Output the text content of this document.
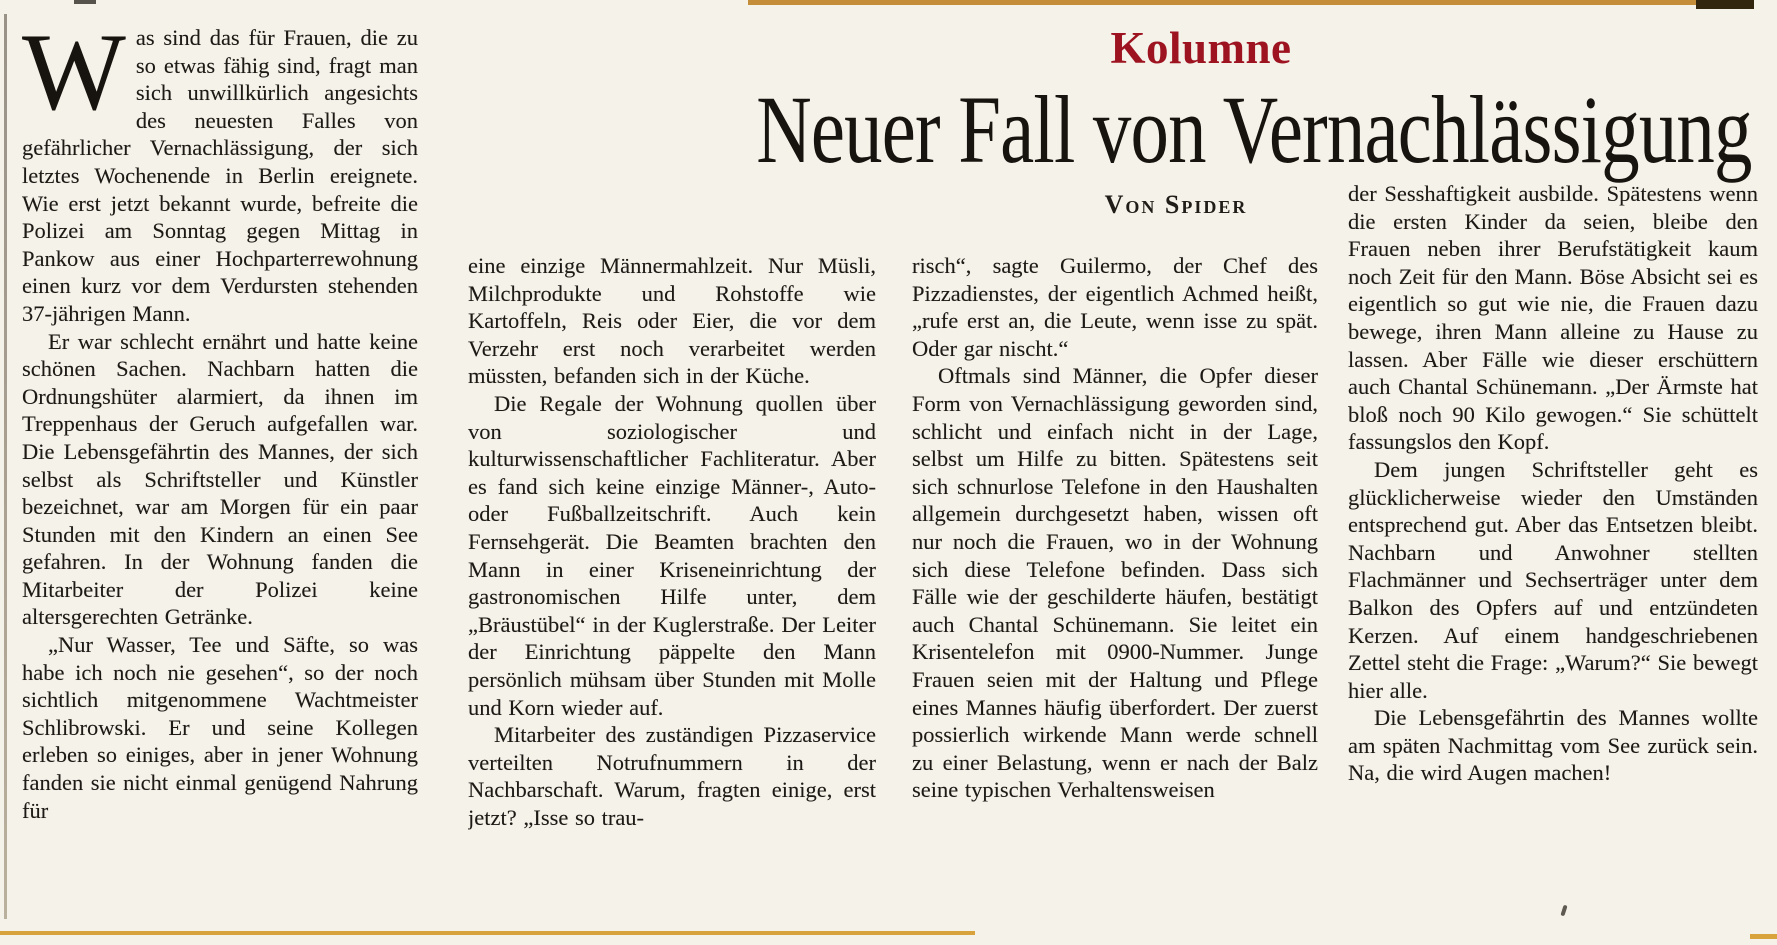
Kolumne
Neuer Fall von Vernachlässigung
Von Spider

Was sind das für Frauen, die zu so etwas fähig sind, fragt man sich unwillkürlich angesichts des neuesten Falles von gefährlicher Vernachlässigung, der sich letztes Wochenende in Berlin ereignete. Wie erst jetzt bekannt wurde, befreite die Polizei am Sonntag gegen Mittag in Pankow aus einer Hochparterrewohnung einen kurz vor dem Verdursten stehenden 37-jährigen Mann.

Er war schlecht ernährt und hatte keine schönen Sachen. Nachbarn hatten die Ordnungshüter alarmiert, da ihnen im Treppenhaus der Geruch aufgefallen war. Die Lebensgefährtin des Mannes, der sich selbst als Schriftsteller und Künstler bezeichnet, war am Morgen für ein paar Stunden mit den Kindern an einen See gefahren. In der Wohnung fanden die Mitarbeiter der Polizei keine altersgerechten Getränke.

„Nur Wasser, Tee und Säfte, so was habe ich noch nie gesehen“, so der noch sichtlich mitgenommene Wachtmeister Schlibrowski. Er und seine Kollegen erleben so einiges, aber in jener Wohnung fanden sie nicht einmal genügend Nahrung für

eine einzige Männermahlzeit. Nur Müsli, Milchprodukte und Rohstoffe wie Kartoffeln, Reis oder Eier, die vor dem Verzehr erst noch verarbeitet werden müssten, befanden sich in der Küche.

Die Regale der Wohnung quollen über von soziologischer und kulturwissenschaftlicher Fachliteratur. Aber es fand sich keine einzige Männer-, Auto- oder Fußballzeitschrift. Auch kein Fernsehgerät. Die Beamten brachten den Mann in einer Kriseneinrichtung der gastronomischen Hilfe unter, dem „Bräustübel“ in der Kuglerstraße. Der Leiter der Einrichtung päppelte den Mann persönlich mühsam über Stunden mit Molle und Korn wieder auf.

Mitarbeiter des zuständigen Pizzaservice verteilten Notrufnummern in der Nachbarschaft. Warum, fragten einige, erst jetzt? „Isse so trau-

risch“, sagte Guilermo, der Chef des Pizzadienstes, der eigentlich Achmed heißt, „rufe erst an, die Leute, wenn isse zu spät. Oder gar nischt.“

Oftmals sind Männer, die Opfer dieser Form von Vernachlässigung geworden sind, schlicht und einfach nicht in der Lage, selbst um Hilfe zu bitten. Spätestens seit sich schnurlose Telefone in den Haushalten allgemein durchgesetzt haben, wissen oft nur noch die Frauen, wo in der Wohnung sich diese Telefone befinden. Dass sich Fälle wie der geschilderte häufen, bestätigt auch Chantal Schünemann. Sie leitet ein Krisentelefon mit 0900-Nummer. Junge Frauen seien mit der Haltung und Pflege eines Mannes häufig überfordert. Der zuerst possierlich wirkende Mann werde schnell zu einer Belastung, wenn er nach der Balz seine typischen Verhaltensweisen

der Sesshaftigkeit ausbilde. Spätestens wenn die ersten Kinder da seien, bleibe den Frauen neben ihrer Berufstätigkeit kaum noch Zeit für den Mann. Böse Absicht sei es eigentlich so gut wie nie, die Frauen dazu bewege, ihren Mann alleine zu Hause zu lassen. Aber Fälle wie dieser erschüttern auch Chantal Schünemann. „Der Ärmste hat bloß noch 90 Kilo gewogen.“ Sie schüttelt fassungslos den Kopf.

Dem jungen Schriftsteller geht es glücklicherweise wieder den Umständen entsprechend gut. Aber das Entsetzen bleibt. Nachbarn und Anwohner stellten Flachmänner und Sechserträger unter dem Balkon des Opfers auf und entzündeten Kerzen. Auf einem handgeschriebenen Zettel steht die Frage: „Warum?“ Sie bewegt hier alle.

Die Lebensgefährtin des Mannes wollte am späten Nachmittag vom See zurück sein. Na, die wird Augen machen!
